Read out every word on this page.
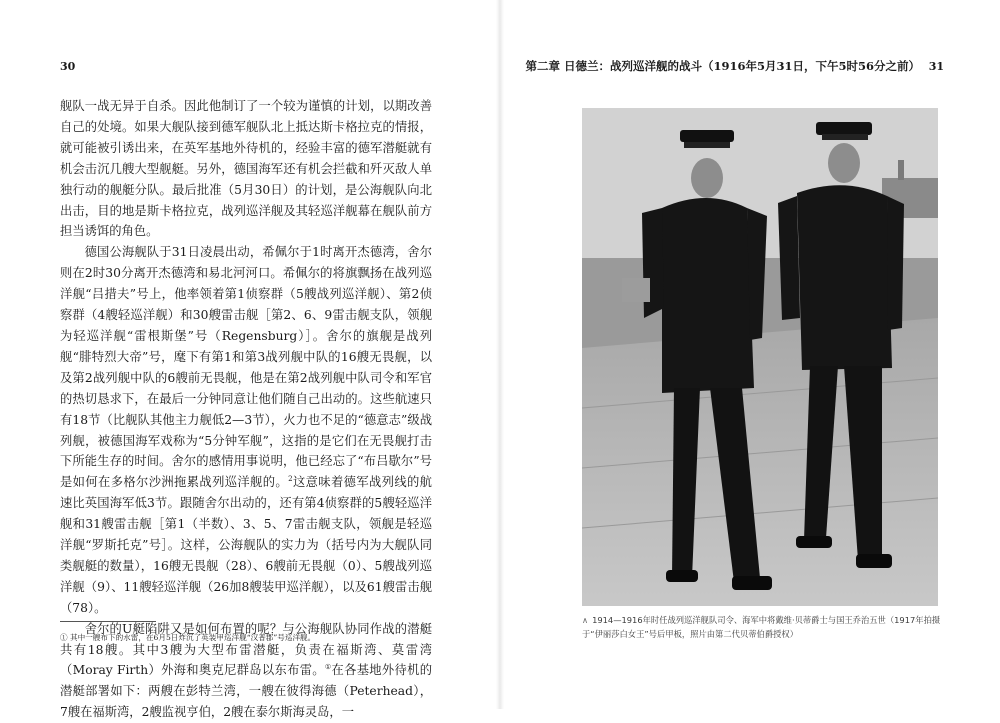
30

舰队一战无异于自杀。因此他制订了一个较为谨慎的计划，以期改善自己的处境。如果大舰队接到德军舰队北上抵达斯卡格拉克的情报，就可能被引诱出来，在英军基地外待机的，经验丰富的德军潜艇就有机会击沉几艘大型舰艇。另外，德国海军还有机会拦截和歼灭敌人单独行动的舰艇分队。最后批准（5月30日）的计划，是公海舰队向北出击，目的地是斯卡格拉克，战列巡洋舰及其轻巡洋舰幕在舰队前方担当诱饵的角色。

德国公海舰队于31日凌晨出动，希佩尔于1时离开杰德湾，舍尔则在2时30分离开杰德湾和易北河河口。希佩尔的将旗飘扬在战列巡洋舰“吕措夫”号上，他率领着第1侦察群（5艘战列巡洋舰）、第2侦察群（4艘轻巡洋舰）和30艘雷击舰［第2、6、9雷击舰支队，领舰为轻巡洋舰“雷根斯堡”号（Regensburg）］。舍尔的旗舰是战列舰“腓特烈大帝”号，麾下有第1和第3战列舰中队的16艘无畏舰，以及第2战列舰中队的6艘前无畏舰，他是在第2战列舰中队司令和军官的热切恳求下，在最后一分钟同意让他们随自己出动的。这些航速只有18节（比舰队其他主力舰低2—3节），火力也不足的“德意志”级战列舰，被德国海军戏称为“5分钟军舰”，这指的是它们在无畏舰打击下所能生存的时间。舍尔的感情用事说明，他已经忘了“布吕歇尔”号是如何在多格尔沙洲拖累战列巡洋舰的。$^2$这意味着德军战列线的航速比英国海军低3节。跟随舍尔出动的，还有第4侦察群的5艘轻巡洋舰和31艘雷击舰［第1（半数）、3、5、7雷击舰支队，领舰是轻巡洋舰“罗斯托克”号］。这样，公海舰队的实力为（括号内为大舰队同类舰艇的数量），16艘无畏舰（28）、6艘前无畏舰（0）、5艘战列巡洋舰（9）、11艘轻巡洋舰（26加8艘装甲巡洋舰），以及61艘雷击舰（78）。

舍尔的U艇陷阱又是如何布置的呢？与公海舰队协同作战的潜艇共有18艘。其中3艘为大型布雷潜艇，负责在福斯湾、莫雷湾（Moray Firth）外海和奥克尼群岛以东布雷。①在各基地外待机的潜艇部署如下：两艘在彭特兰湾，一艘在彼得海德（Peterhead），7艘在福斯湾，2艘监视亨伯，2艘在泰尔斯海灵岛，一

① 其中一艘布下的水雷，在6月5日炸沉了英装甲巡洋舰“汉普郡”号巡洋舰。
第二章 日德兰：战列巡洋舰的战斗（1916年5月31日，下午5时56分之前） 31
∧ 1914—1916年时任战列巡洋舰队司令、海军中将戴维·贝蒂爵士与国王乔治五世（1917年拍摄于“伊丽莎白女王”号后甲板，照片由第二代贝蒂伯爵授权）
